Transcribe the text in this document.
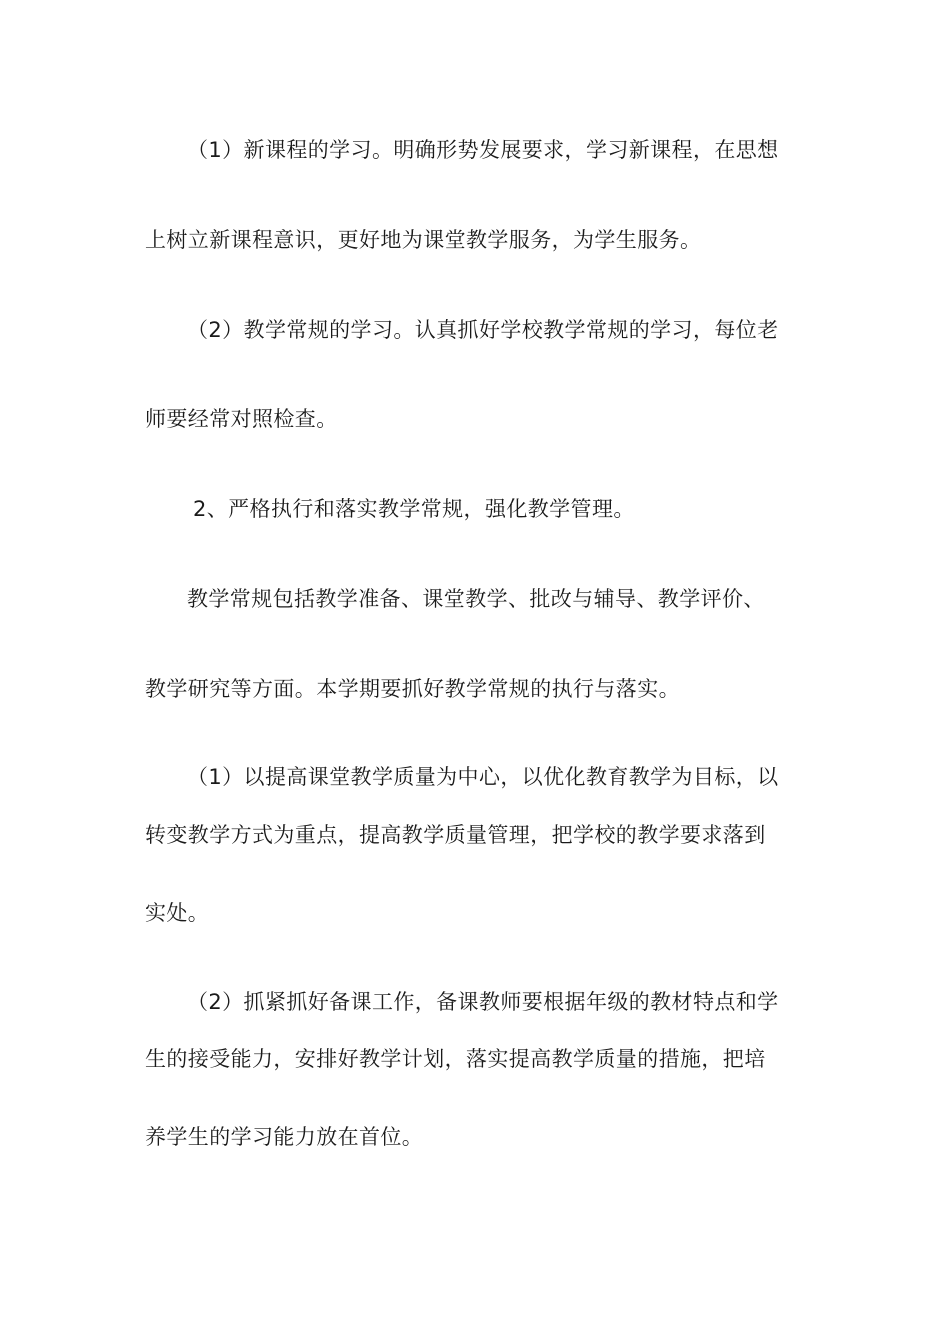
（1）新课程的学习。明确形势发展要求，学习新课程，在思想
上树立新课程意识，更好地为课堂教学服务，为学生服务。
（2）教学常规的学习。认真抓好学校教学常规的学习，每位老
师要经常对照检查。
2、严格执行和落实教学常规，强化教学管理。
教学常规包括教学准备、课堂教学、批改与辅导、教学评价、
教学研究等方面。本学期要抓好教学常规的执行与落实。
（1）以提高课堂教学质量为中心，以优化教育教学为目标，以
转变教学方式为重点，提高教学质量管理，把学校的教学要求落到
实处。
（2）抓紧抓好备课工作，备课教师要根据年级的教材特点和学
生的接受能力，安排好教学计划，落实提高教学质量的措施，把培
养学生的学习能力放在首位。
